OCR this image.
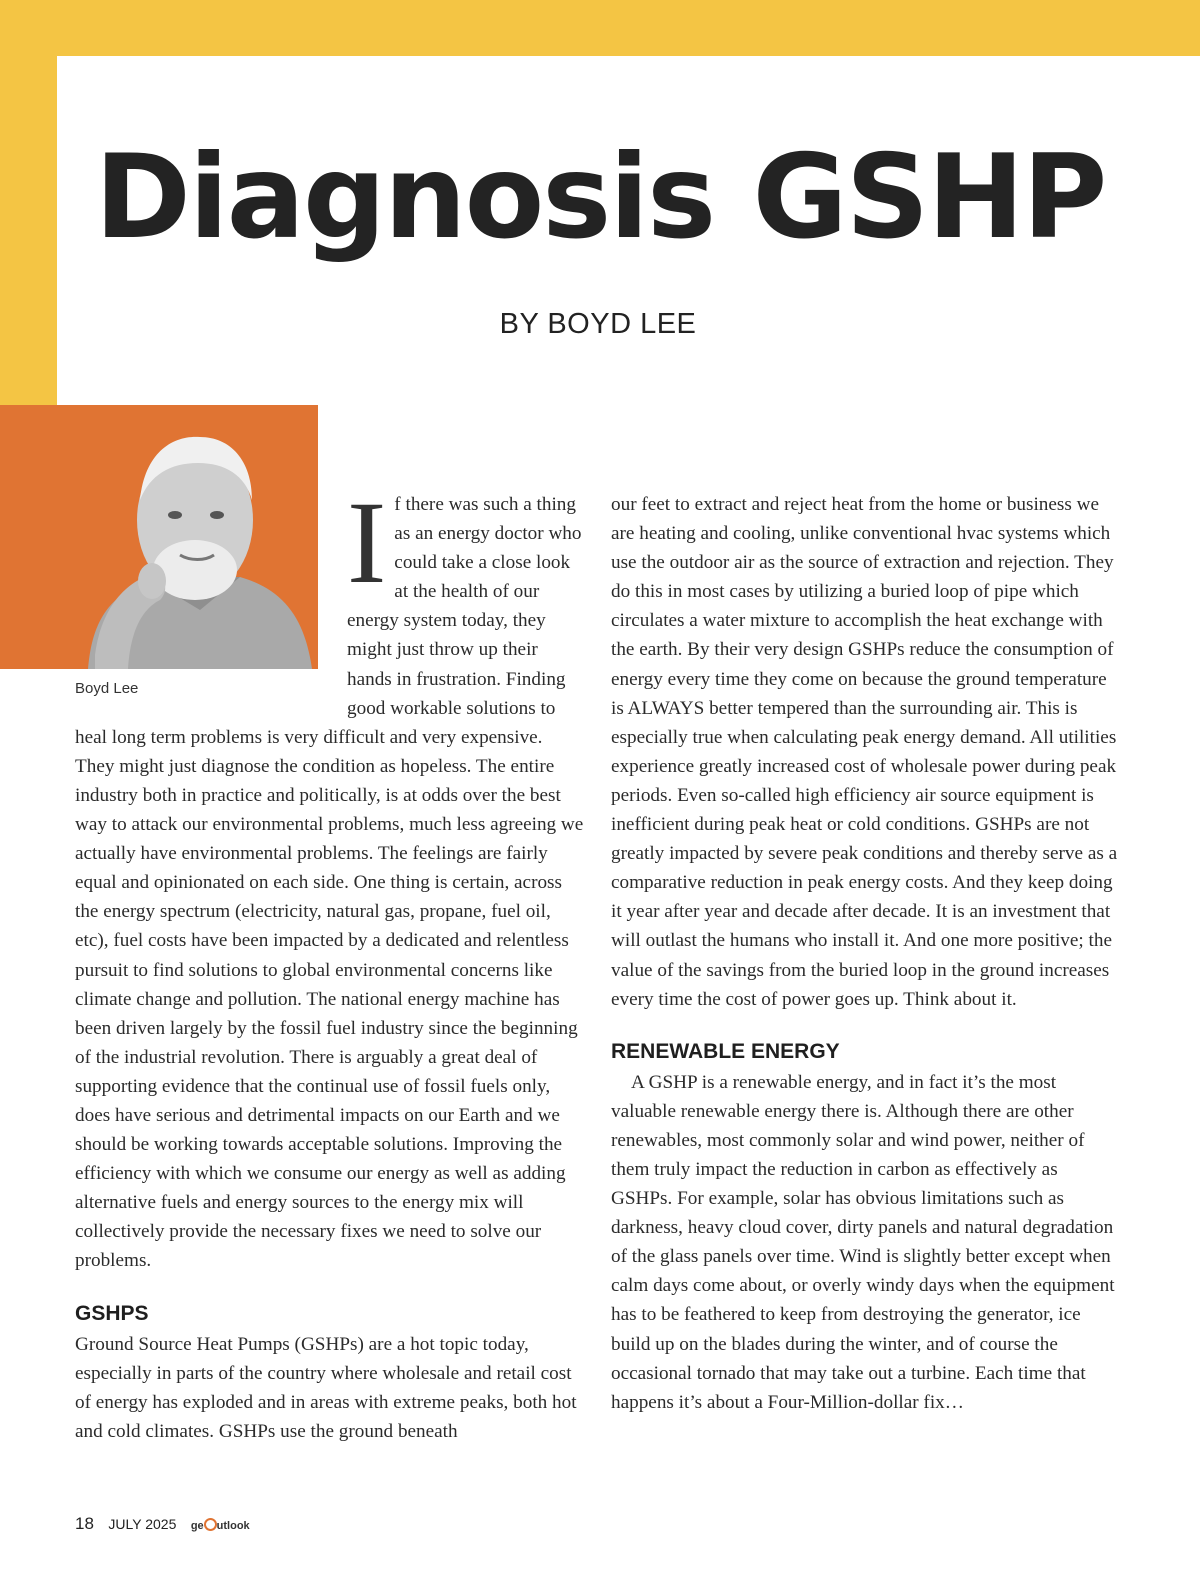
Diagnosis GSHP
BY BOYD LEE
Boyd Lee
I f there was such a thing as an energy doctor who could take a close look at the health of our energy system today, they might just throw up their hands in frustration. Finding good workable solutions to heal long term problems is very difficult and very expensive. They might just diagnose the condition as hopeless. The entire industry both in practice and politically, is at odds over the best way to attack our environmental problems, much less agreeing we actually have environmental problems. The feelings are fairly equal and opinionated on each side. One thing is certain, across the energy spectrum (electricity, natural gas, propane, fuel oil, etc), fuel costs have been impacted by a dedicated and relentless pursuit to find solutions to global environmental concerns like climate change and pollution. The national energy machine has been driven largely by the fossil fuel industry since the beginning of the industrial revolution. There is arguably a great deal of supporting evidence that the continual use of fossil fuels only, does have serious and detrimental impacts on our Earth and we should be working towards acceptable solutions. Improving the efficiency with which we consume our energy as well as adding alternative fuels and energy sources to the energy mix will collectively provide the necessary fixes we need to solve our problems.

GSHPS

Ground Source Heat Pumps (GSHPs) are a hot topic today, especially in parts of the country where wholesale and retail cost of energy has exploded and in areas with extreme peaks, both hot and cold climates. GSHPs use the ground beneath

our feet to extract and reject heat from the home or business we are heating and cooling, unlike conventional hvac systems which use the outdoor air as the source of extraction and rejection. They do this in most cases by utilizing a buried loop of pipe which circulates a water mixture to accomplish the heat exchange with the earth. By their very design GSHPs reduce the consumption of energy every time they come on because the ground temperature is ALWAYS better tempered than the surrounding air. This is especially true when calculating peak energy demand. All utilities experience greatly increased cost of wholesale power during peak periods. Even so-called high efficiency air source equipment is inefficient during peak heat or cold conditions. GSHPs are not greatly impacted by severe peak conditions and thereby serve as a comparative reduction in peak energy costs. And they keep doing it year after year and decade after decade. It is an investment that will outlast the humans who install it. And one more positive; the value of the savings from the buried loop in the ground increases every time the cost of power goes up. Think about it.

RENEWABLE ENERGY

A GSHP is a renewable energy, and in fact it’s the most valuable renewable energy there is. Although there are other renewables, most commonly solar and wind power, neither of them truly impact the reduction in carbon as effectively as GSHPs. For example, solar has obvious limitations such as darkness, heavy cloud cover, dirty panels and natural degradation of the glass panels over time. Wind is slightly better except when calm days come about, or overly windy days when the equipment has to be feathered to keep from destroying the generator, ice build up on the blades during the winter, and of course the occasional tornado that may take out a turbine. Each time that happens it’s about a Four-Million-dollar fix…

18 JULY 2025 ge utlook
